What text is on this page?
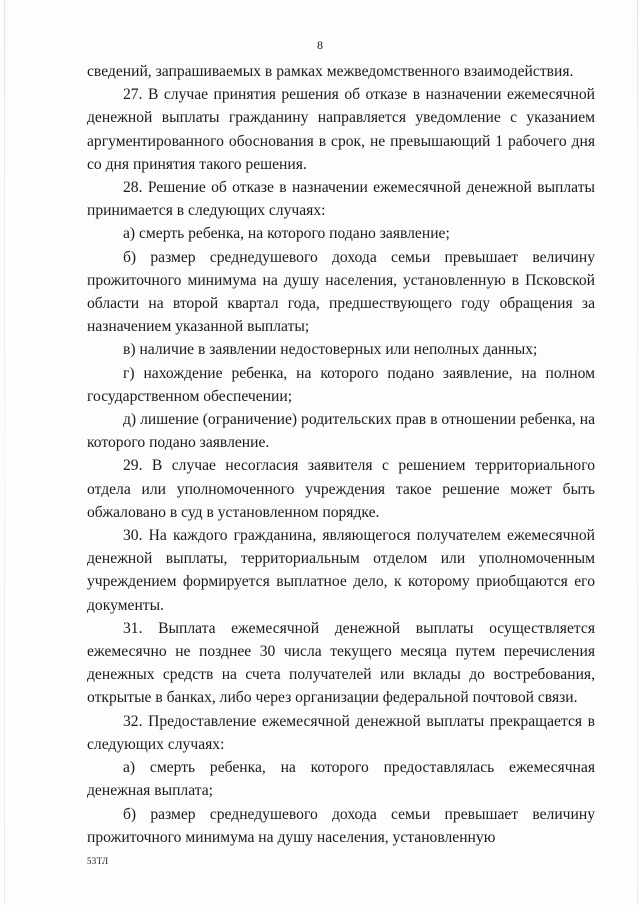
8

сведений, запрашиваемых в рамках межведомственного взаимодействия.

27. В случае принятия решения об отказе в назначении ежемесячной денежной выплаты гражданину направляется уведомление с указанием аргументированного обоснования в срок, не превышающий 1 рабочего дня со дня принятия такого решения.

28. Решение об отказе в назначении ежемесячной денежной выплаты принимается в следующих случаях:

а) смерть ребенка, на которого подано заявление;

б) размер среднедушевого дохода семьи превышает величину прожиточного минимума на душу населения, установленную в Псковской области на второй квартал года, предшествующего году обращения за назначением указанной выплаты;

в) наличие в заявлении недостоверных или неполных данных;

г) нахождение ребенка, на которого подано заявление, на полном государственном обеспечении;

д) лишение (ограничение) родительских прав в отношении ребенка, на которого подано заявление.

29. В случае несогласия заявителя с решением территориального отдела или уполномоченного учреждения такое решение может быть обжаловано в суд в установленном порядке.

30. На каждого гражданина, являющегося получателем ежемесячной денежной выплаты, территориальным отделом или уполномоченным учреждением формируется выплатное дело, к которому приобщаются его документы.

31. Выплата ежемесячной денежной выплаты осуществляется ежемесячно не позднее 30 числа текущего месяца путем перечисления денежных средств на счета получателей или вклады до востребования, открытые в банках, либо через организации федеральной почтовой связи.

32. Предоставление ежемесячной денежной выплаты прекращается в следующих случаях:

а) смерть ребенка, на которого предоставлялась ежемесячная денежная выплата;

б) размер среднедушевого дохода семьи превышает величину прожиточного минимума на душу населения, установленную

53ТЛ
